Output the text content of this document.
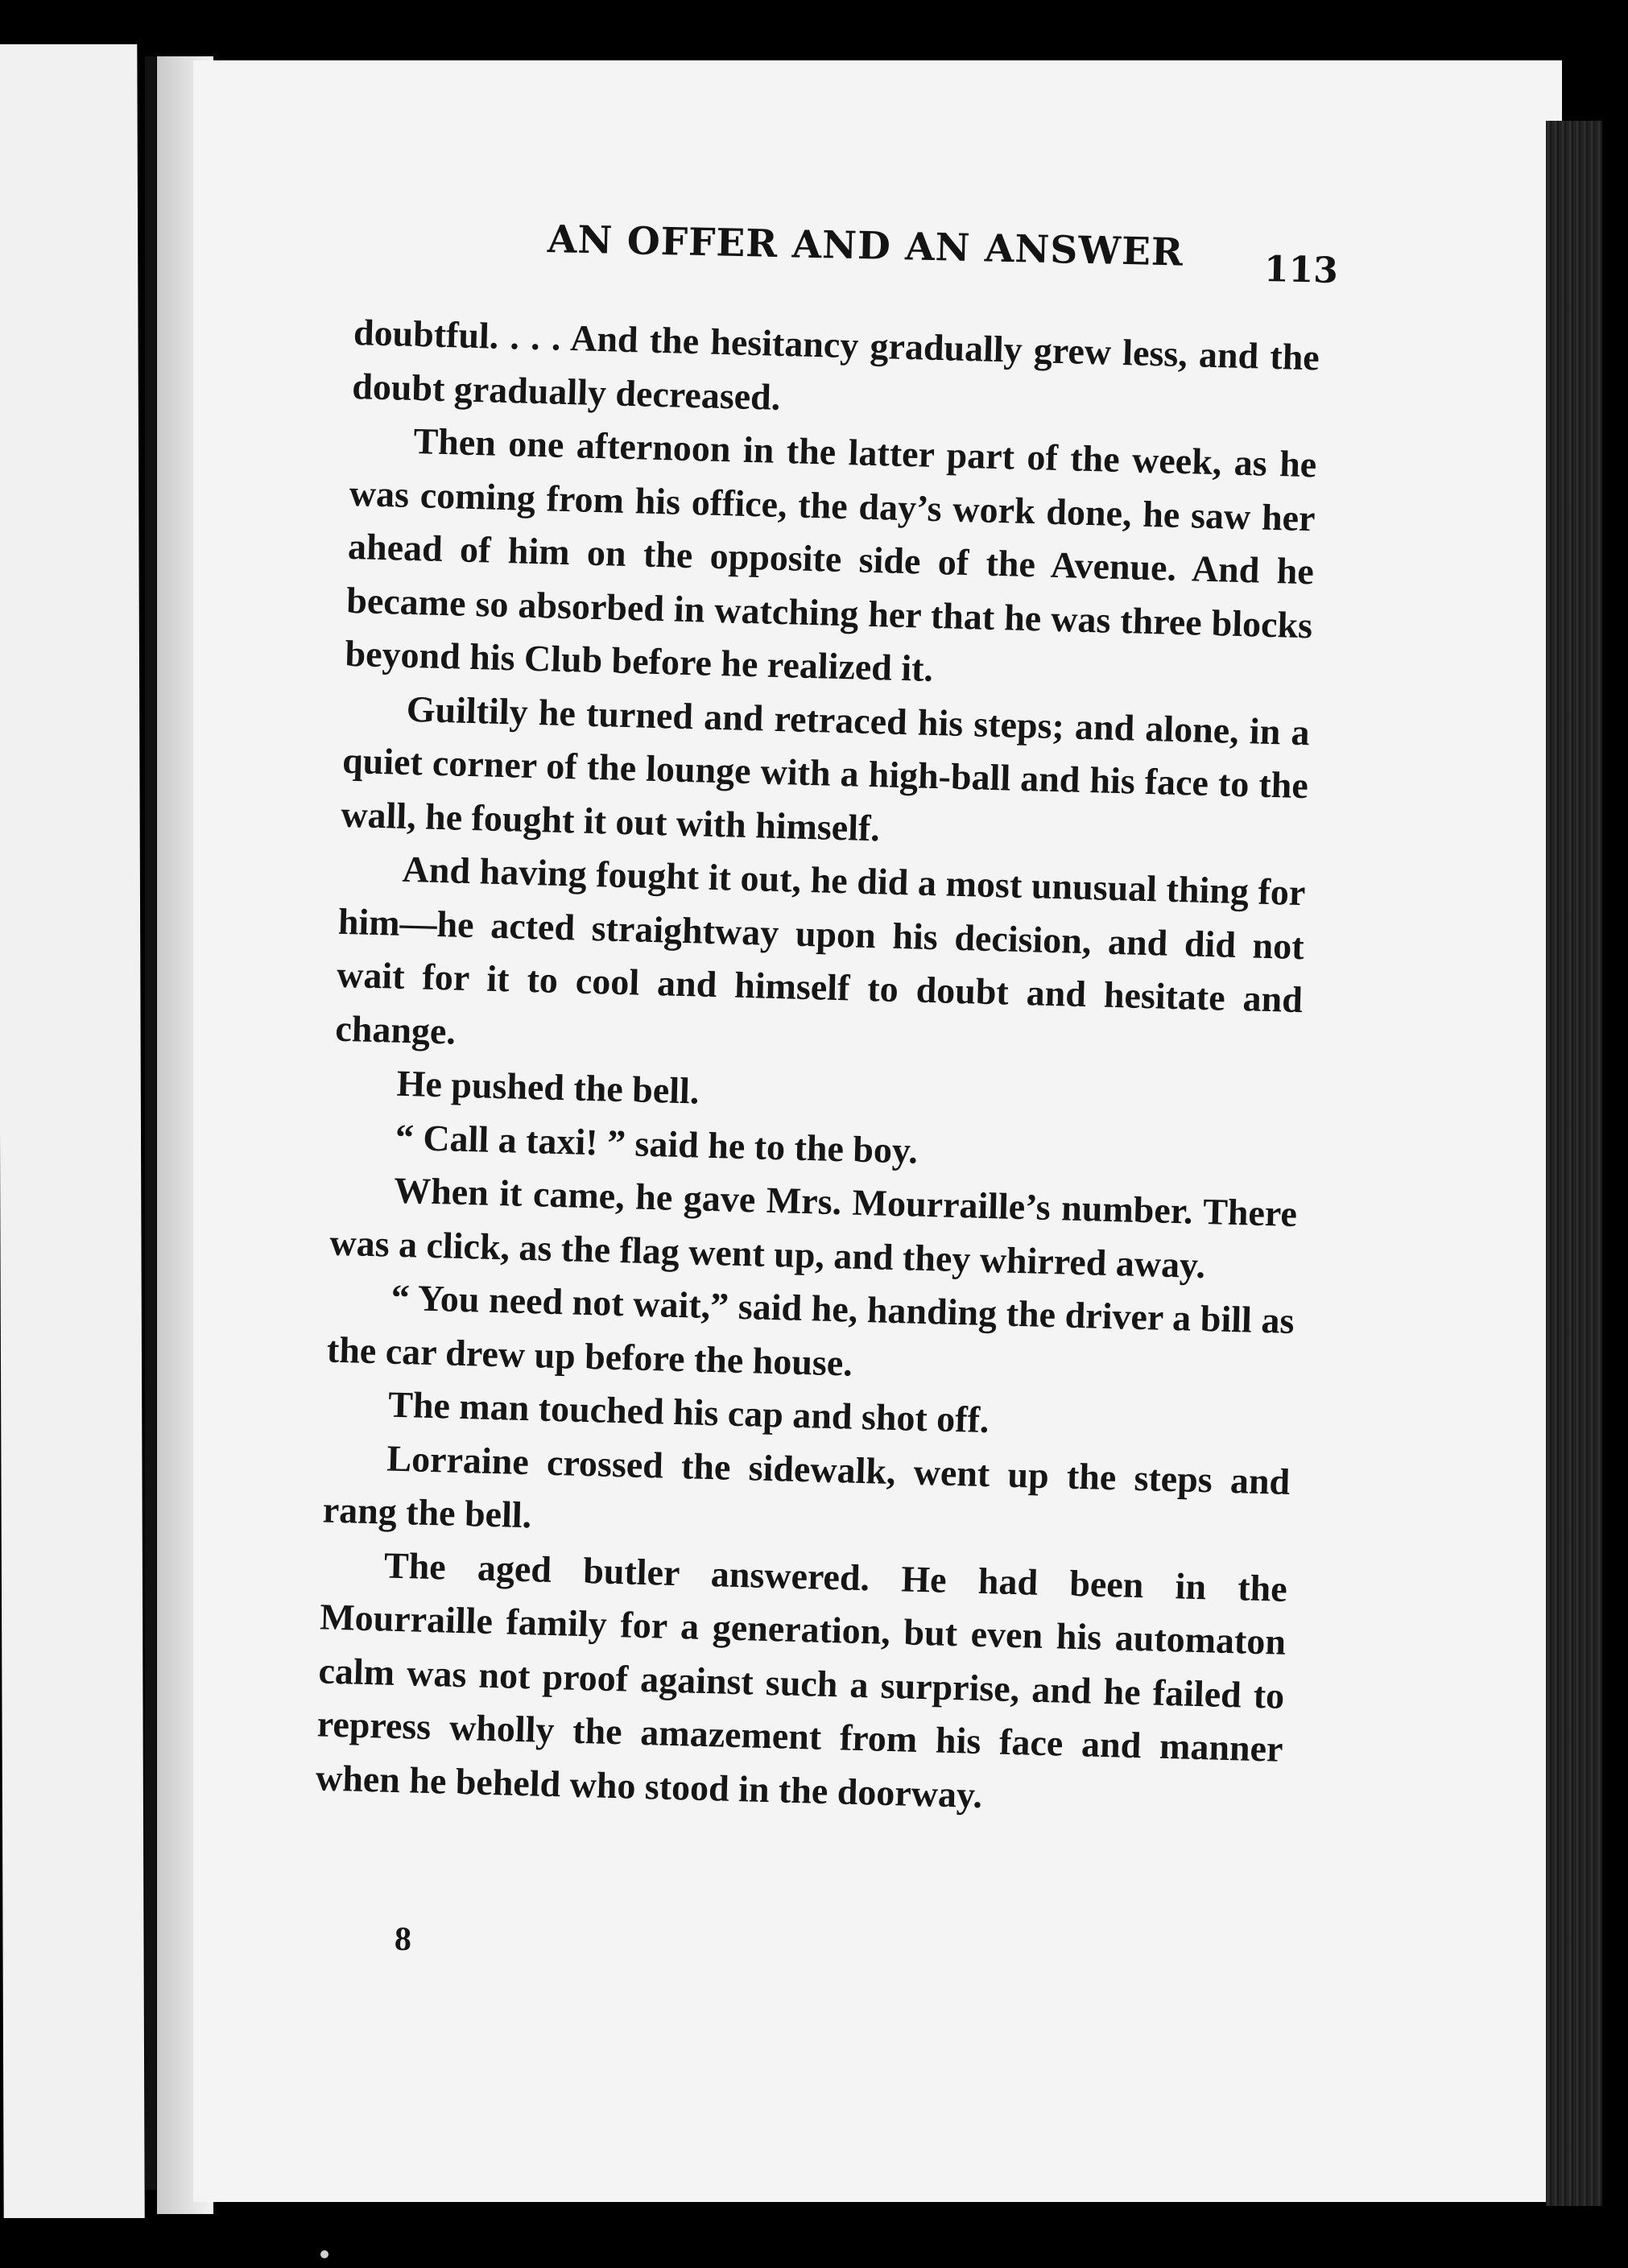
AN OFFER AND AN ANSWER 113

doubtful. . . . And the hesitancy gradually grew less, and the doubt gradually decreased.

Then one afternoon in the latter part of the week, as he was coming from his office, the day’s work done, he saw her ahead of him on the opposite side of the Avenue. And he became so absorbed in watching her that he was three blocks beyond his Club before he realized it.

Guiltily he turned and retraced his steps; and alone, in a quiet corner of the lounge with a high-ball and his face to the wall, he fought it out with himself.

And having fought it out, he did a most unusual thing for him—he acted straightway upon his decision, and did not wait for it to cool and himself to doubt and hesitate and change.

He pushed the bell.

“ Call a taxi! ” said he to the boy.

When it came, he gave Mrs. Mourraille’s number. There was a click, as the flag went up, and they whirred away.

“ You need not wait,” said he, handing the driver a bill as the car drew up before the house.

The man touched his cap and shot off.

Lorraine crossed the sidewalk, went up the steps and rang the bell.

The aged butler answered. He had been in the Mourraille family for a generation, but even his automaton calm was not proof against such a surprise, and he failed to repress wholly the amazement from his face and manner when he beheld who stood in the doorway.

8
